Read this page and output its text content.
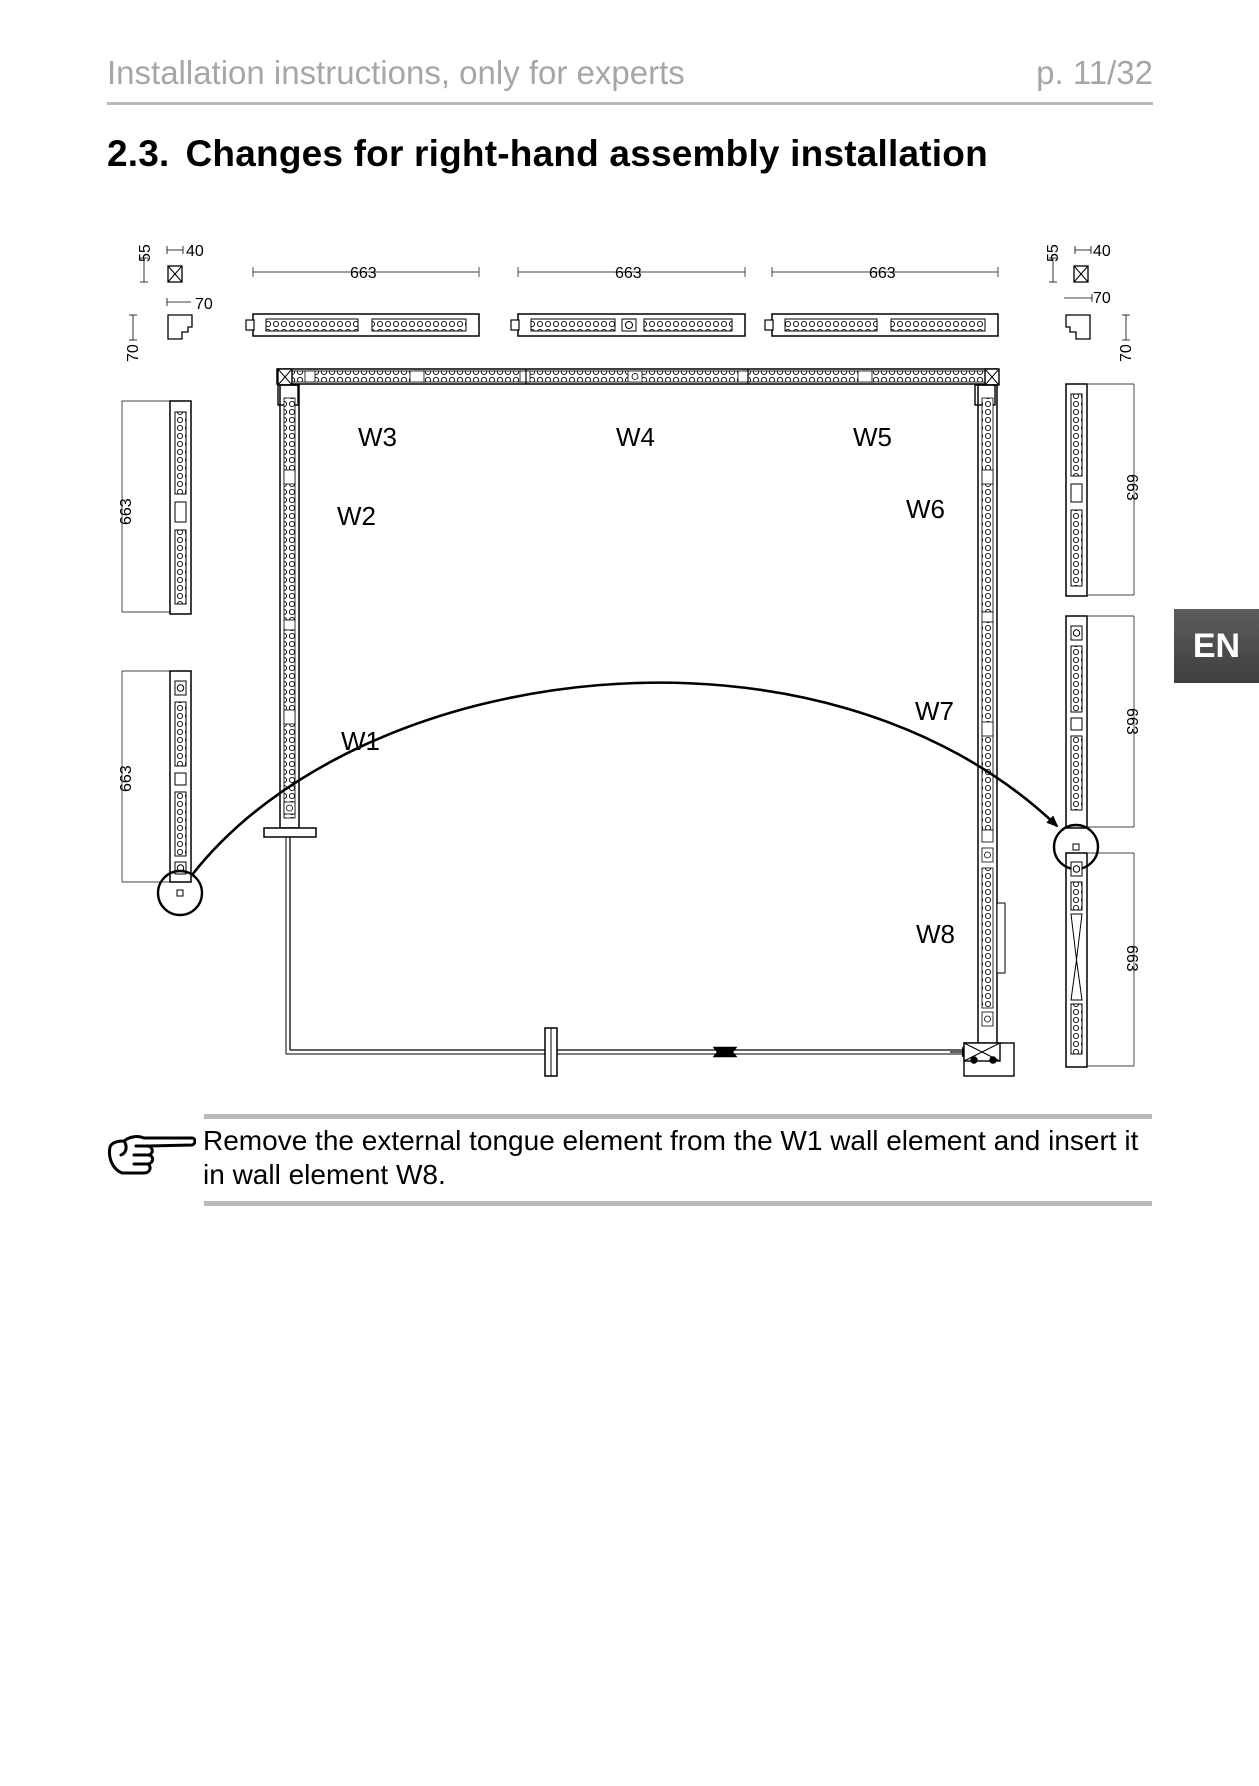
Installation instructions, only for experts	p. 11/32
2.3. Changes for right-hand assembly installation
EN
663	663	663
55 40
70
70
55 40
70
70
663
663
663
663
663
W3	W4	W5
W2	W6
W1
W7
W8
Remove the external tongue element from the W1 wall element and insert it in wall element W8.
